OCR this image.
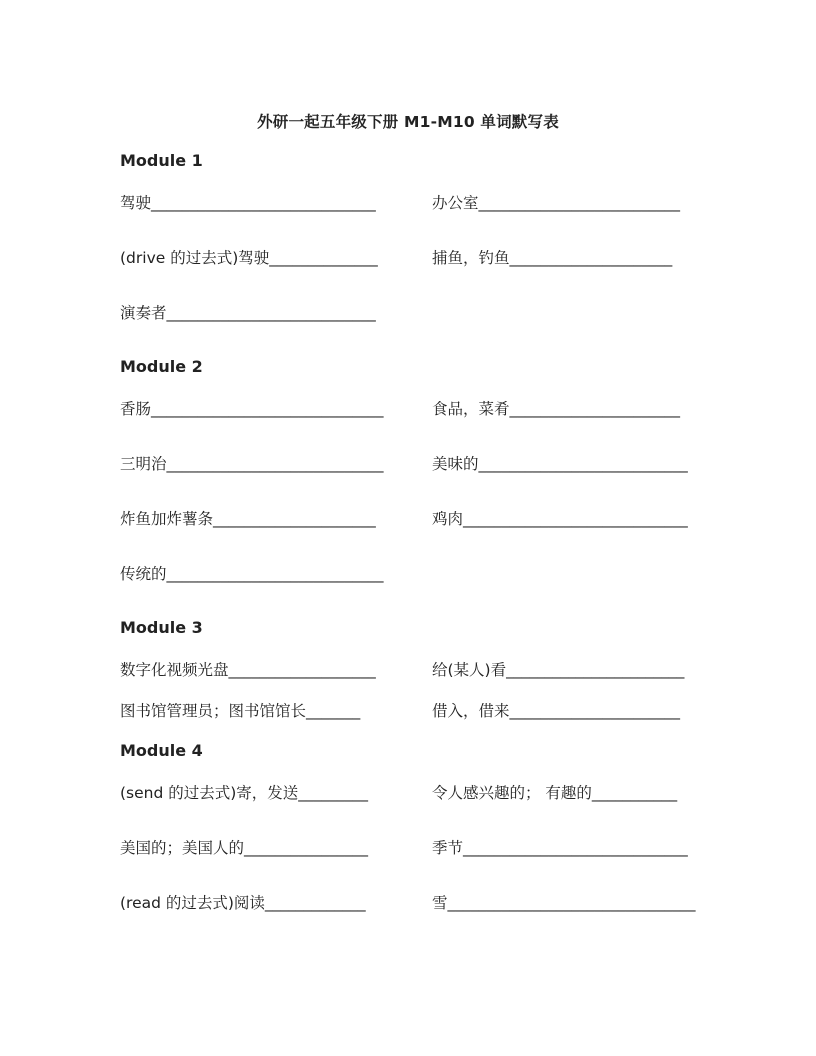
外研一起五年级下册 M1-M10 单词默写表
Module 1
驾驶_____________________________	办公室__________________________
(drive 的过去式)驾驶______________	捕鱼，钓鱼_____________________
演奏者___________________________
Module 2
香肠______________________________	食品，菜肴______________________
三明治____________________________	美味的___________________________
炸鱼加炸薯条_____________________	鸡肉_____________________________
传统的____________________________
Module 3
数字化视频光盘___________________	给(某人)看_______________________
图书馆管理员；图书馆馆长_______	借入，借来______________________
Module 4
(send 的过去式)寄，发送_________	令人感兴趣的； 有趣的___________
美国的；美国人的________________	季节_____________________________
(read 的过去式)阅读_____________	雪________________________________
